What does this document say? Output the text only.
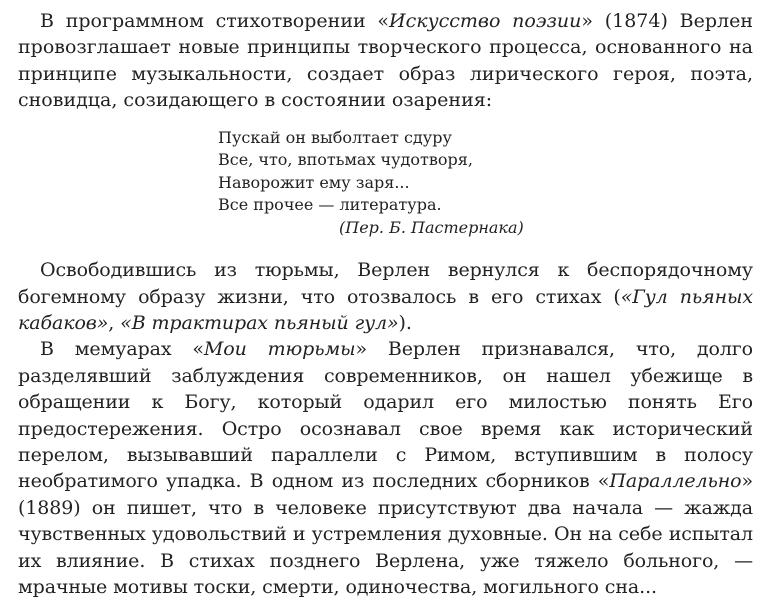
В программном стихотворении «Искусство поэзии» (1874) Верлен провозглашает новые принципы творческого процесса, основанного на принципе музыкальности, создает образ лирического героя, поэта, сновидца, созидающего в состоянии озарения:

Пускай он выболтает сдуру
Все, что, впотьмах чудотворя,
Наворожит ему заря...
Все прочее — литература.
(Пер. Б. Пастернака)

Освободившись из тюрьмы, Верлен вернулся к беспорядочному богемному образу жизни, что отозвалось в его стихах («Гул пьяных кабаков», «В трактирах пьяный гул»).

В мемуарах «Мои тюрьмы» Верлен признавался, что, долго разделявший заблуждения современников, он нашел убежище в обращении к Богу, который одарил его милостью понять Его предостережения. Остро осознавал свое время как исторический перелом, вызывавший параллели с Римом, вступившим в полосу необратимого упадка. В одном из последних сборников «Параллельно» (1889) он пишет, что в человеке присутствуют два начала — жажда чувственных удовольствий и устремления духовные. Он на себе испытал их влияние. В стихах позднего Верлена, уже тяжело больного, — мрачные мотивы тоски, смерти, одиночества, могильного сна...
